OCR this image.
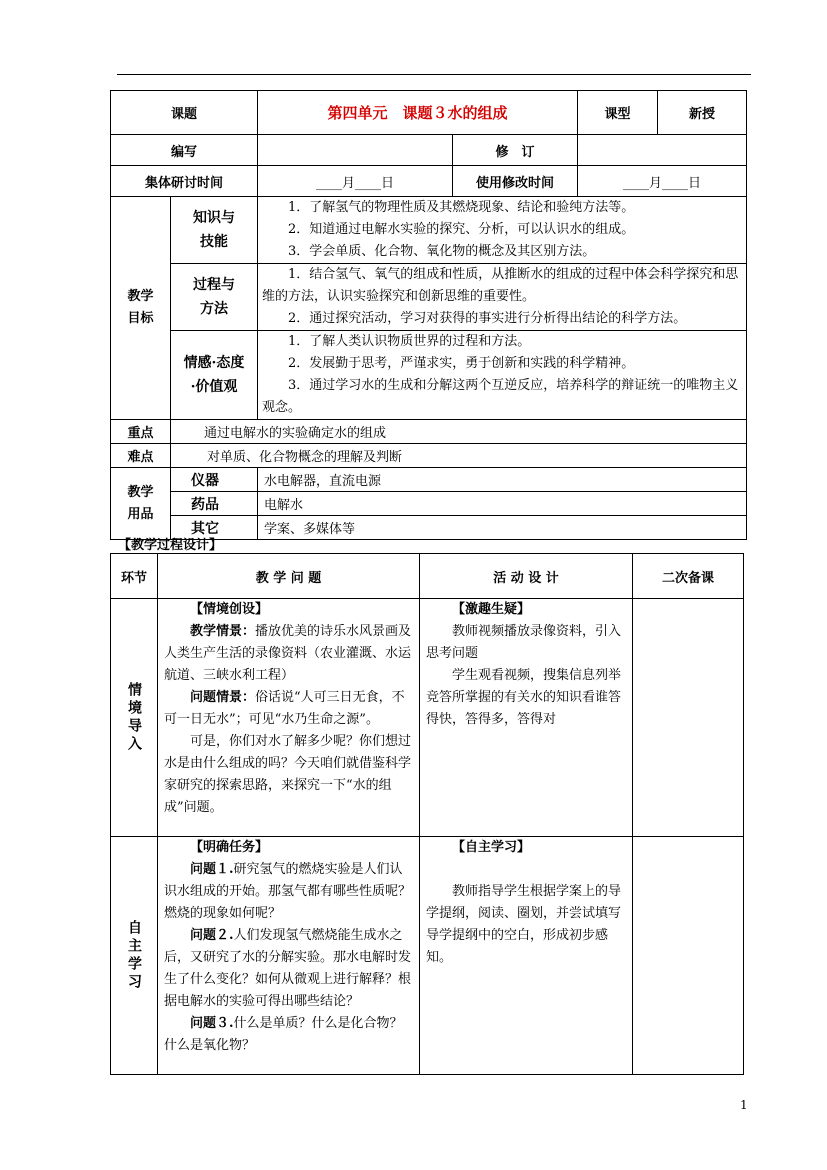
课题		第四单元　课题３水的组成		课型	新授
编写			修　订		
集体研讨时间		____月____日	使用修改时间	____月____日	

教学目标	知识与技能	1．了解氢气的物理性质及其燃烧现象、结论和验纯方法等。
2．知道通过电解水实验的探究、分析，可以认识水的组成。
3．学会单质、化合物、氧化物的概念及其区别方法。			

	过程与方法	1．结合氢气、氧气的组成和性质，从推断水的组成的过程中体会科学探究和思维的方法，认识实验探究和创新思维的重要性。
2．通过探究活动，学习对获得的事实进行分析得出结论的科学方法。			

	情感·态度·价值观	1．了解人类认识物质世界的过程和方法。
2．发展勤于思考，严谨求实，勇于创新和实践的科学精神。
3．通过学习水的生成和分解这两个互逆反应，培养科学的辩证统一的唯物主义观念。			

重点	通过电解水的实验确定水的组成				
难点	对单质、化合物概念的理解及判断				

教学用品	仪器	水电解器，直流电源			
	药品	电解水			
	其它	学案、多媒体等			
【教学过程设计】
环节	教 学 问 题	活 动 设 计	二次备课

情境导入	【情境创设】
教学情景：播放优美的诗乐水风景画及人类生产生活的录像资料（农业灌溉、水运航道、三峡水利工程）
问题情景：俗话说“人可三日无食，不可一日无水”；可见“水乃生命之源”。
可是，你们对水了解多少呢？你们想过水是由什么组成的吗？今天咱们就借鉴科学家研究的探索思路，来探究一下“水的组成”问题。	【激趣生疑】
教师视频播放录像资料，引入思考问题
学生观看视频，搜集信息列举竞答所掌握的有关水的知识看谁答得快，答得多，答得对	

自主学习	【明确任务】
问题１.研究氢气的燃烧实验是人们认识水组成的开始。那氢气都有哪些性质呢？燃烧的现象如何呢？
问题２.人们发现氢气燃烧能生成水之后，又研究了水的分解实验。那水电解时发生了什么变化？如何从微观上进行解释？根据电解水的实验可得出哪些结论？
问题３.什么是单质？什么是化合物？什么是氧化物？	【自主学习】
教师指导学生根据学案上的导学提纲，阅读、圈划，并尝试填写导学提纲中的空白，形成初步感知。	

1
